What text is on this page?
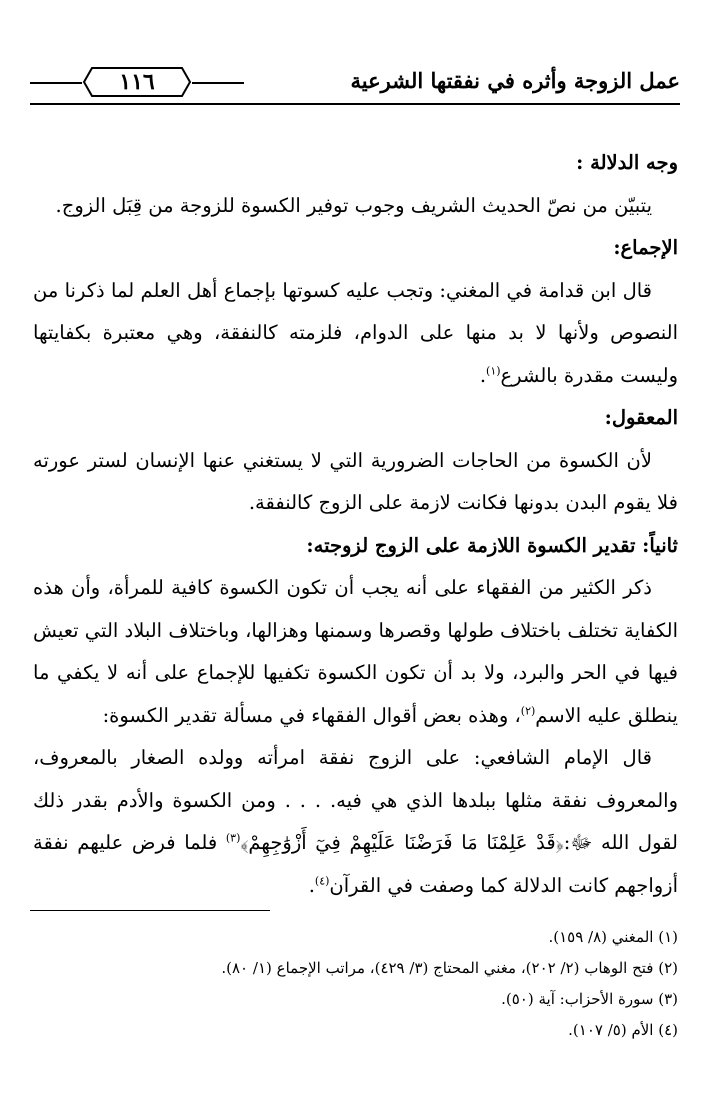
عمل الزوجة وأثره في نفقتها الشرعية
١١٦

وجه الدلالة :

يتبيّن من نصّ الحديث الشريف وجوب توفير الكسوة للزوجة من قِبَل الزوج.

الإجماع:

قال ابن قدامة في المغني: وتجب عليه كسوتها بإجماع أهل العلم لما ذكرنا من النصوص ولأنها لا بد منها على الدوام، فلزمته كالنفقة، وهي معتبرة بكفايتها وليست مقدرة بالشرع$^{(١)}$.

المعقول:

لأن الكسوة من الحاجات الضرورية التي لا يستغني عنها الإنسان لستر عورته فلا يقوم البدن بدونها فكانت لازمة على الزوج كالنفقة.

ثانياً: تقدير الكسوة اللازمة على الزوج لزوجته:

ذكر الكثير من الفقهاء على أنه يجب أن تكون الكسوة كافية للمرأة، وأن هذه الكفاية تختلف باختلاف طولها وقصرها وسمنها وهزالها، وباختلاف البلاد التي تعيش فيها في الحر والبرد، ولا بد أن تكون الكسوة تكفيها للإجماع على أنه لا يكفي ما ينطلق عليه الاسم$^{(٢)}$، وهذه بعض أقوال الفقهاء في مسألة تقدير الكسوة:

قال الإمام الشافعي: على الزوج نفقة امرأته وولده الصغار بالمعروف، والمعروف نفقة مثلها ببلدها الذي هي فيه. . . . ومن الكسوة والأدم بقدر ذلك لقول الله ﷻ:﴿قَدْ عَلِمْنَا مَا فَرَضْنَا عَلَيْهِمْ فِيٓ أَزْوَٰجِهِمْ﴾$^{(٣)}$ فلما فرض عليهم نفقة أزواجهم كانت الدلالة كما وصفت في القرآن$^{(٤)}$.

(١) المغني (٨/ ١٥٩).
(٢) فتح الوهاب (٢/ ٢٠٢)، مغني المحتاج (٣/ ٤٢٩)، مراتب الإجماع (١/ ٨٠).
(٣) سورة الأحزاب: آية (٥٠).
(٤) الأم (٥/ ١٠٧).
